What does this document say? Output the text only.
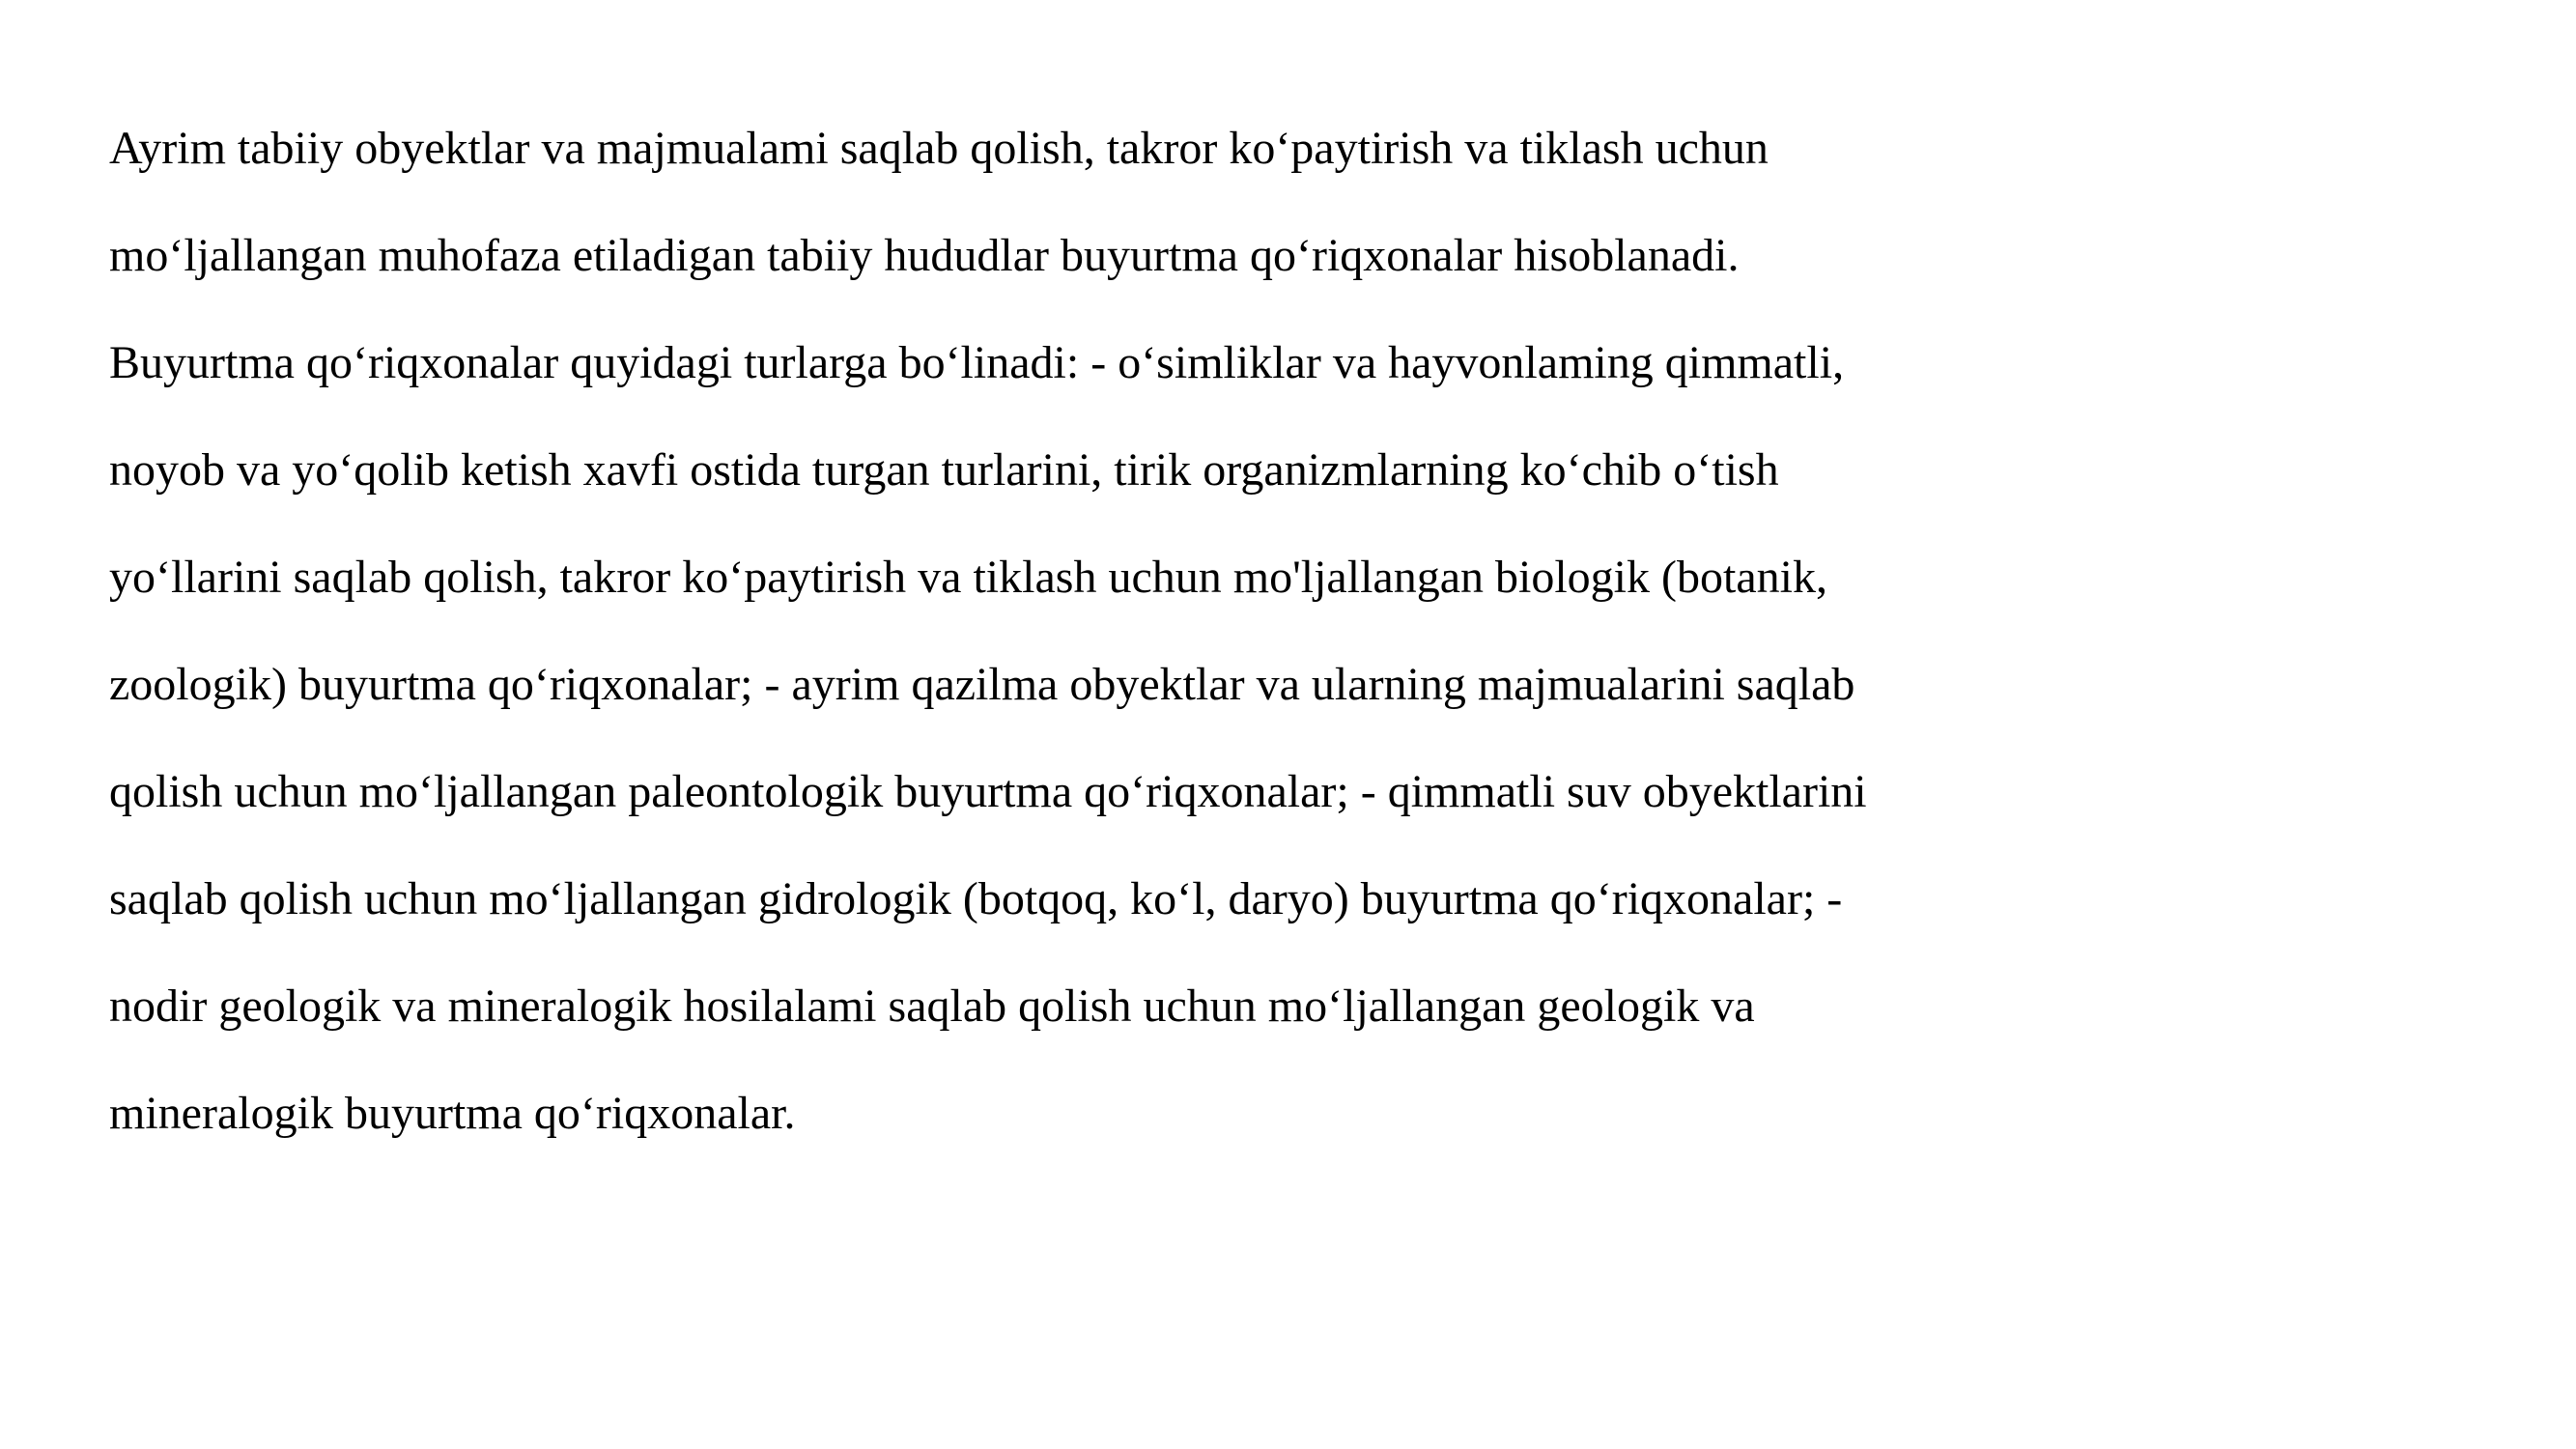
Ayrim tabiiy obyektlar va majmualami saqlab qolish, takror ko‘paytirish va tiklash uchun
mo‘ljallangan muhofaza etiladigan tabiiy hududlar buyurtma qo‘riqxonalar hisoblanadi.
Buyurtma qo‘riqxonalar quyidagi turlarga bo‘linadi: - o‘simliklar va hayvonlaming qimmatli,
noyob va yo‘qolib ketish xavfi ostida turgan turlarini, tirik organizmlarning ko‘chib o‘tish
yo‘llarini saqlab qolish, takror ko‘paytirish va tiklash uchun mo'ljallangan biologik (botanik,
zoologik) buyurtma qo‘riqxonalar; - ayrim qazilma obyektlar va ularning majmualarini saqlab
qolish uchun mo‘ljallangan paleontologik buyurtma qo‘riqxonalar; - qimmatli suv obyektlarini
saqlab qolish uchun mo‘ljallangan gidrologik (botqoq, ko‘l, daryo) buyurtma qo‘riqxonalar; -
nodir geologik va mineralogik hosilalami saqlab qolish uchun mo‘ljallangan geologik va
mineralogik buyurtma qo‘riqxonalar.
